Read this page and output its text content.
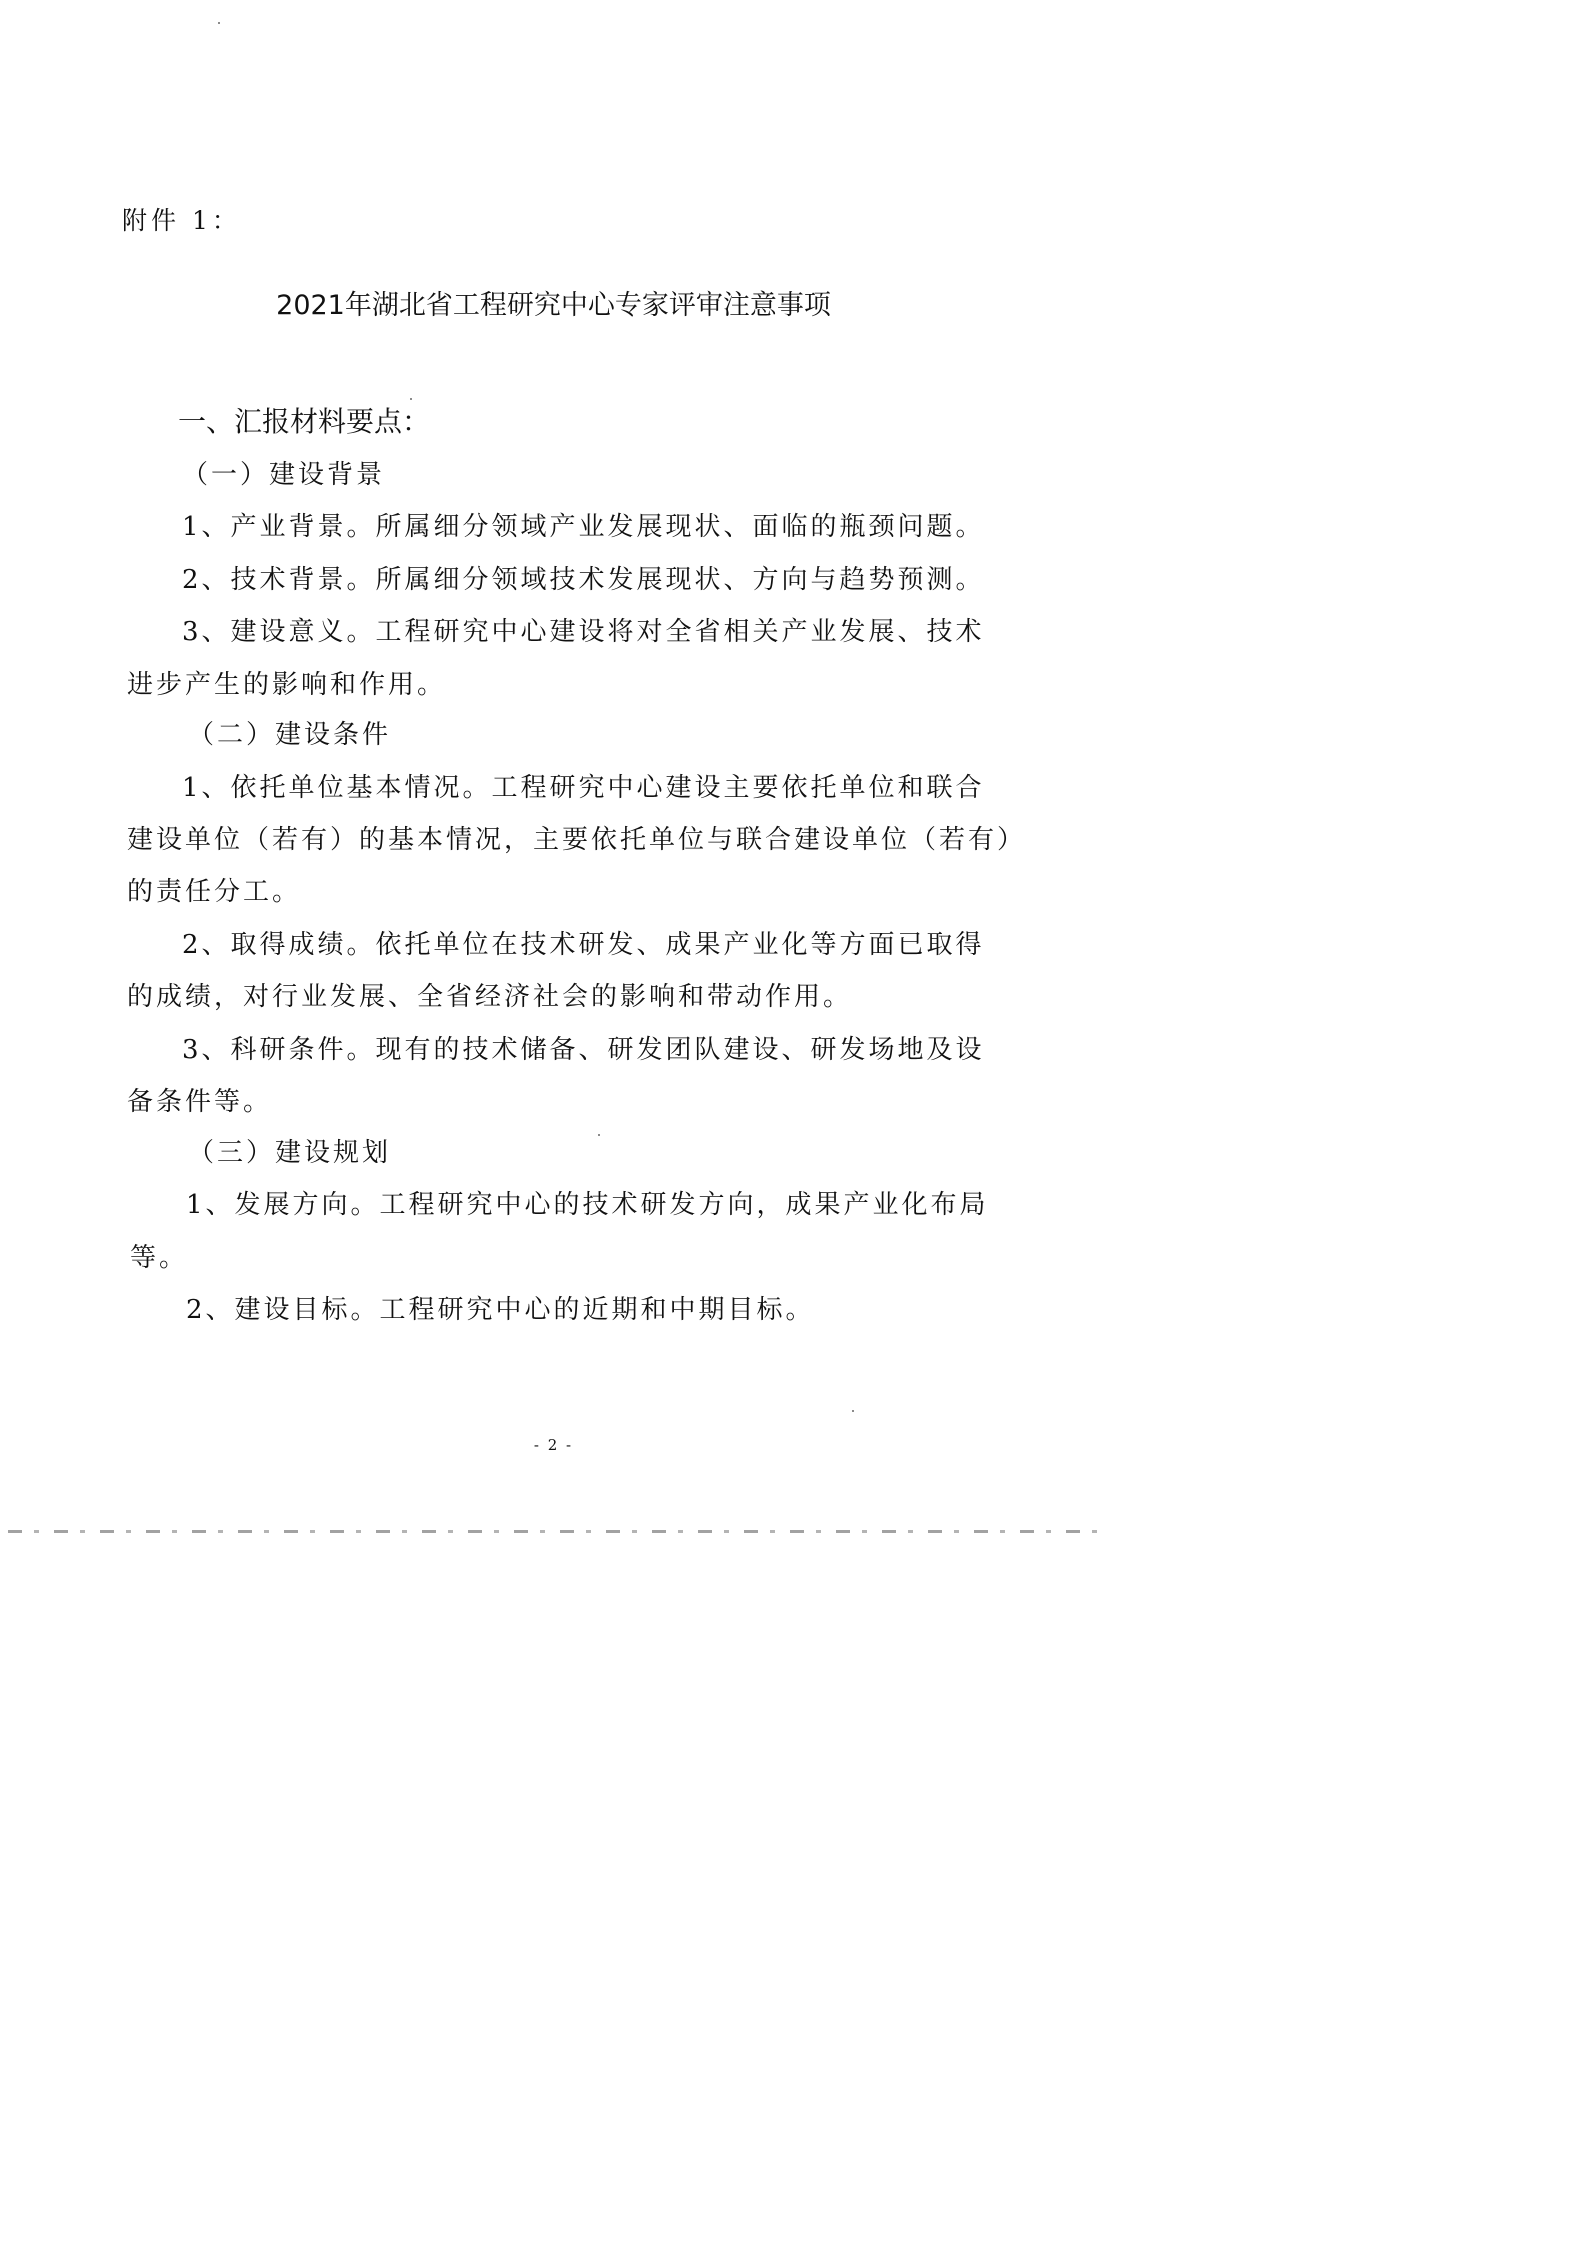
附件 1：

2021年湖北省工程研究中心专家评审注意事项

一、汇报材料要点：

（一）建设背景

1、产业背景。所属细分领域产业发展现状、面临的瓶颈问题。

2、技术背景。所属细分领域技术发展现状、方向与趋势预测。

3、建设意义。工程研究中心建设将对全省相关产业发展、技术

进步产生的影响和作用。

（二）建设条件

1、依托单位基本情况。工程研究中心建设主要依托单位和联合

建设单位（若有）的基本情况，主要依托单位与联合建设单位（若有）

的责任分工。

2、取得成绩。依托单位在技术研发、成果产业化等方面已取得

的成绩，对行业发展、全省经济社会的影响和带动作用。

3、科研条件。现有的技术储备、研发团队建设、研发场地及设

备条件等。

（三）建设规划

1、发展方向。工程研究中心的技术研发方向，成果产业化布局

等。

2、建设目标。工程研究中心的近期和中期目标。

- 2 -
